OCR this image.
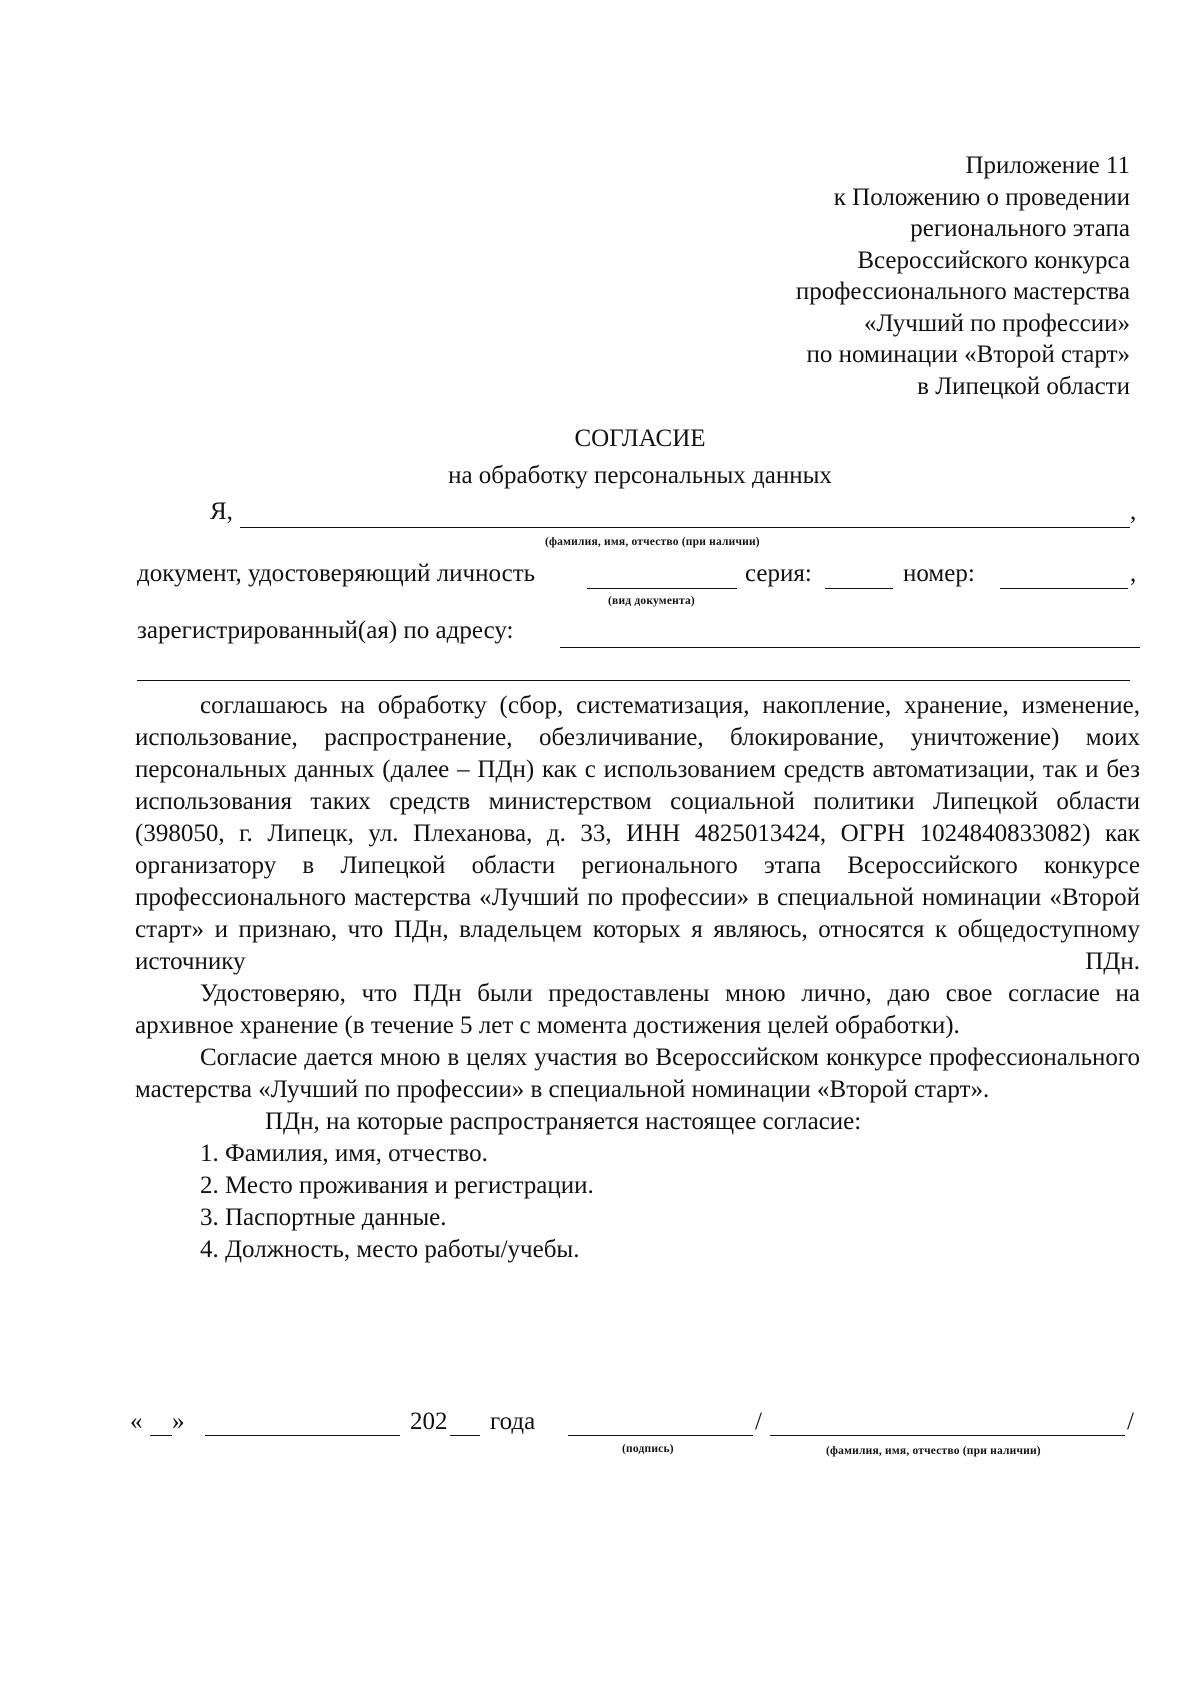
Приложение 11
к Положению о проведении
регионального этапа
Всероссийского конкурса
профессионального мастерства
«Лучший по профессии»
по номинации «Второй старт»
в Липецкой области
СОГЛАСИЕ
на обработку персональных данных
Я,	,
(фамилия, имя, отчество (при наличии)
документ, удостоверяющий личность	серия:	номер:	,
(вид документа)
зарегистрированный(ая) по адресу:

соглашаюсь на обработку (сбор, систематизация, накопление, хранение, изменение, использование, распространение, обезличивание, блокирование, уничтожение) моих персональных данных (далее – ПДн) как с использованием средств автоматизации, так и без использования таких средств министерством социальной политики Липецкой области (398050, г. Липецк, ул. Плеханова, д. 33, ИНН 4825013424, ОГРН 1024840833082) как организатору в Липецкой области регионального этапа Всероссийского конкурсе профессионального мастерства «Лучший по профессии» в специальной номинации «Второй старт» и признаю, что ПДн, владельцем которых я являюсь, относятся к общедоступному источнику ПДн.

Удостоверяю, что ПДн были предоставлены мною лично, даю свое согласие на архивное хранение (в течение 5 лет с момента достижения целей обработки).

Согласие дается мною в целях участия во Всероссийском конкурсе профессионального мастерства «Лучший по профессии» в специальной номинации «Второй старт».

ПДн, на которые распространяется настоящее согласие:

1. Фамилия, имя, отчество.
2. Место проживания и регистрации.
3. Паспортные данные.
4. Должность, место работы/учебы.
« »	202 года	/	/
(подпись)	(фамилия, имя, отчество (при наличии)
